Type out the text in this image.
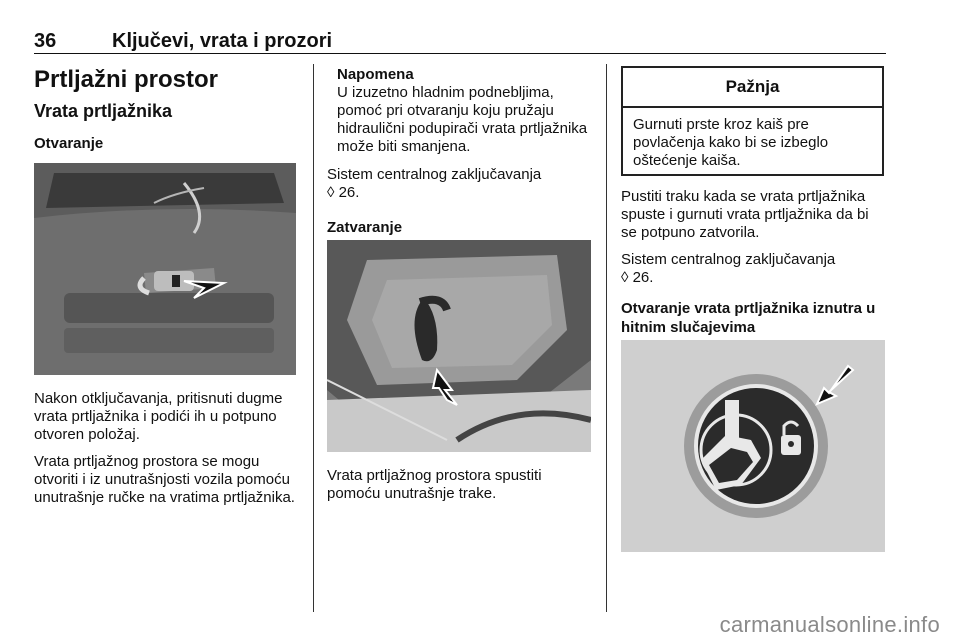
36	Ključevi, vrata i prozori
Prtljažni prostor
Vrata prtljažnika
Otvaranje

Nakon otključavanja, pritisnuti dugme vrata prtljažnika i podići ih u potpuno otvoren položaj.

Vrata prtljažnog prostora se mogu otvoriti i iz unutrašnjosti vozila pomoću unutrašnje ručke na vratima prtljažnika.

Napomena

U izuzetno hladnim podnebljima, pomoć pri otvaranju koju pružaju hidraulični podupirači vrata prtljažnika može biti smanjena.

Sistem centralnog zaključavanja
◊ 26.

Zatvaranje

Vrata prtljažnog prostora spustiti pomoću unutrašnje trake.

Pažnja
Gurnuti prste kroz kaiš pre povlačenja kako bi se izbeglo oštećenje kaiša.

Pustiti traku kada se vrata prtljažnika spuste i gurnuti vrata prtljažnika da bi se potpuno zatvorila.

Sistem centralnog zaključavanja
◊ 26.

Otvaranje vrata prtljažnika iznutra u hitnim slučajevima
carmanualsonline.info
